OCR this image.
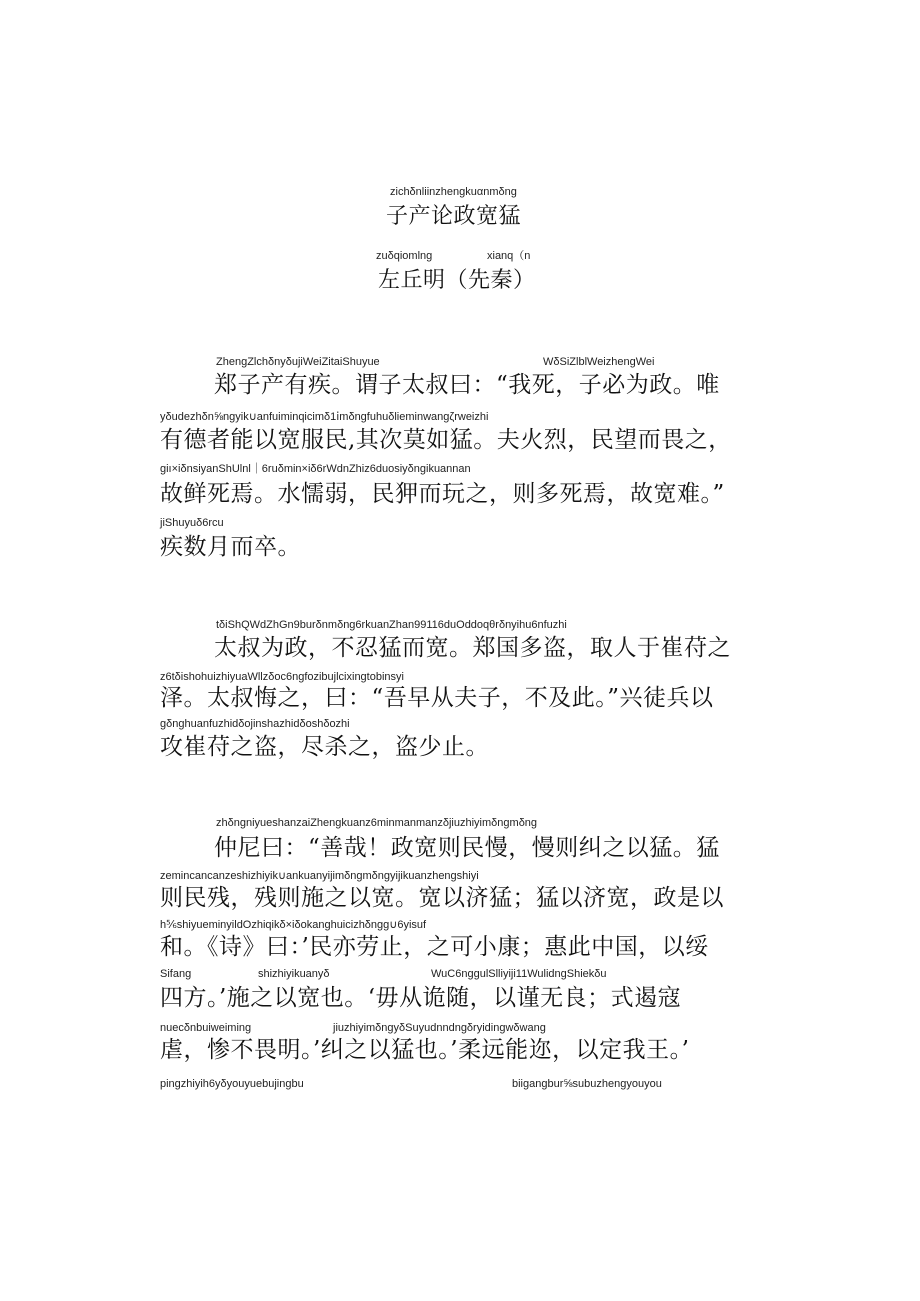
zichδnliinzhengkuαnmδng
子产论政宽猛
zuδqiomlng	xianq（n
左丘明（先秦）
ZhengZlchδnyδujiWeiZitaiShuyue	WδSiZlblWeizhengWei
郑子产有疾。谓子太叔曰：“我死，子必为政。唯
yδudezhδn⅝ngyik∪anfuiminqicimδ1ⅰmδngfuhuδlieminwangζrweizhi
有德者能以宽服民,其次莫如猛。夫火烈，民望而畏之，
giı×iδnsiyanShUlnl｜6ruδmin×iδ6rWdnZhiz6duosiyδngikuannan
故鲜死焉。水懦弱，民狎而玩之，则多死焉，故宽难。”
jiShuyuδ6rcu
疾数月而卒。
tδiShQWdZhGn9burδnmδng6rkuanZhan99116duOddoqθrδnyihu6nfuzhi
太叔为政，不忍猛而宽。郑国多盗，取人于崔苻之
z6tδishohuizhiyuaWllzδoc6ngfozibujlcixingtobinsyi
泽。太叔悔之，曰：“吾早从夫子，不及此。”兴徒兵以
gδnghuanfuzhidδojinshazhidδoshδozhi
攻崔苻之盗，尽杀之，盗少止。
zhδngniyueshanzaiZhengkuanz6minmanmanzδjiuzhiyimδngmδng
仲尼曰：“善哉！政宽则民慢，慢则纠之以猛。猛
zemincancanzeshizhiyik∪ankuanyijimδngmδngyijikuanzhengshiyi
则民残，残则施之以宽。宽以济猛；猛以济宽，政是以
h⅚shiyueminyildOzhiqikδ×iδokanghuicizhδngg∪6yisuf
和。《诗》曰：’民亦劳止，之可小康；惠此中国，以绥
Sifang	shizhiyikuanyδ	WuC6nggulSlliyiji11WulidngShiekδu
四方。’施之以宽也。‘毋从诡随，以谨无良；式遏寇
nuecδnbuiweiming	jiuzhiyimδngyδSuyudnndngδryidingwδwang
虐，惨不畏明。’纠之以猛也。’柔远能迩，以定我王。’
pingzhiyih6yδyouyuebujingbu	biigangbur⅝subuzhengyouyou
